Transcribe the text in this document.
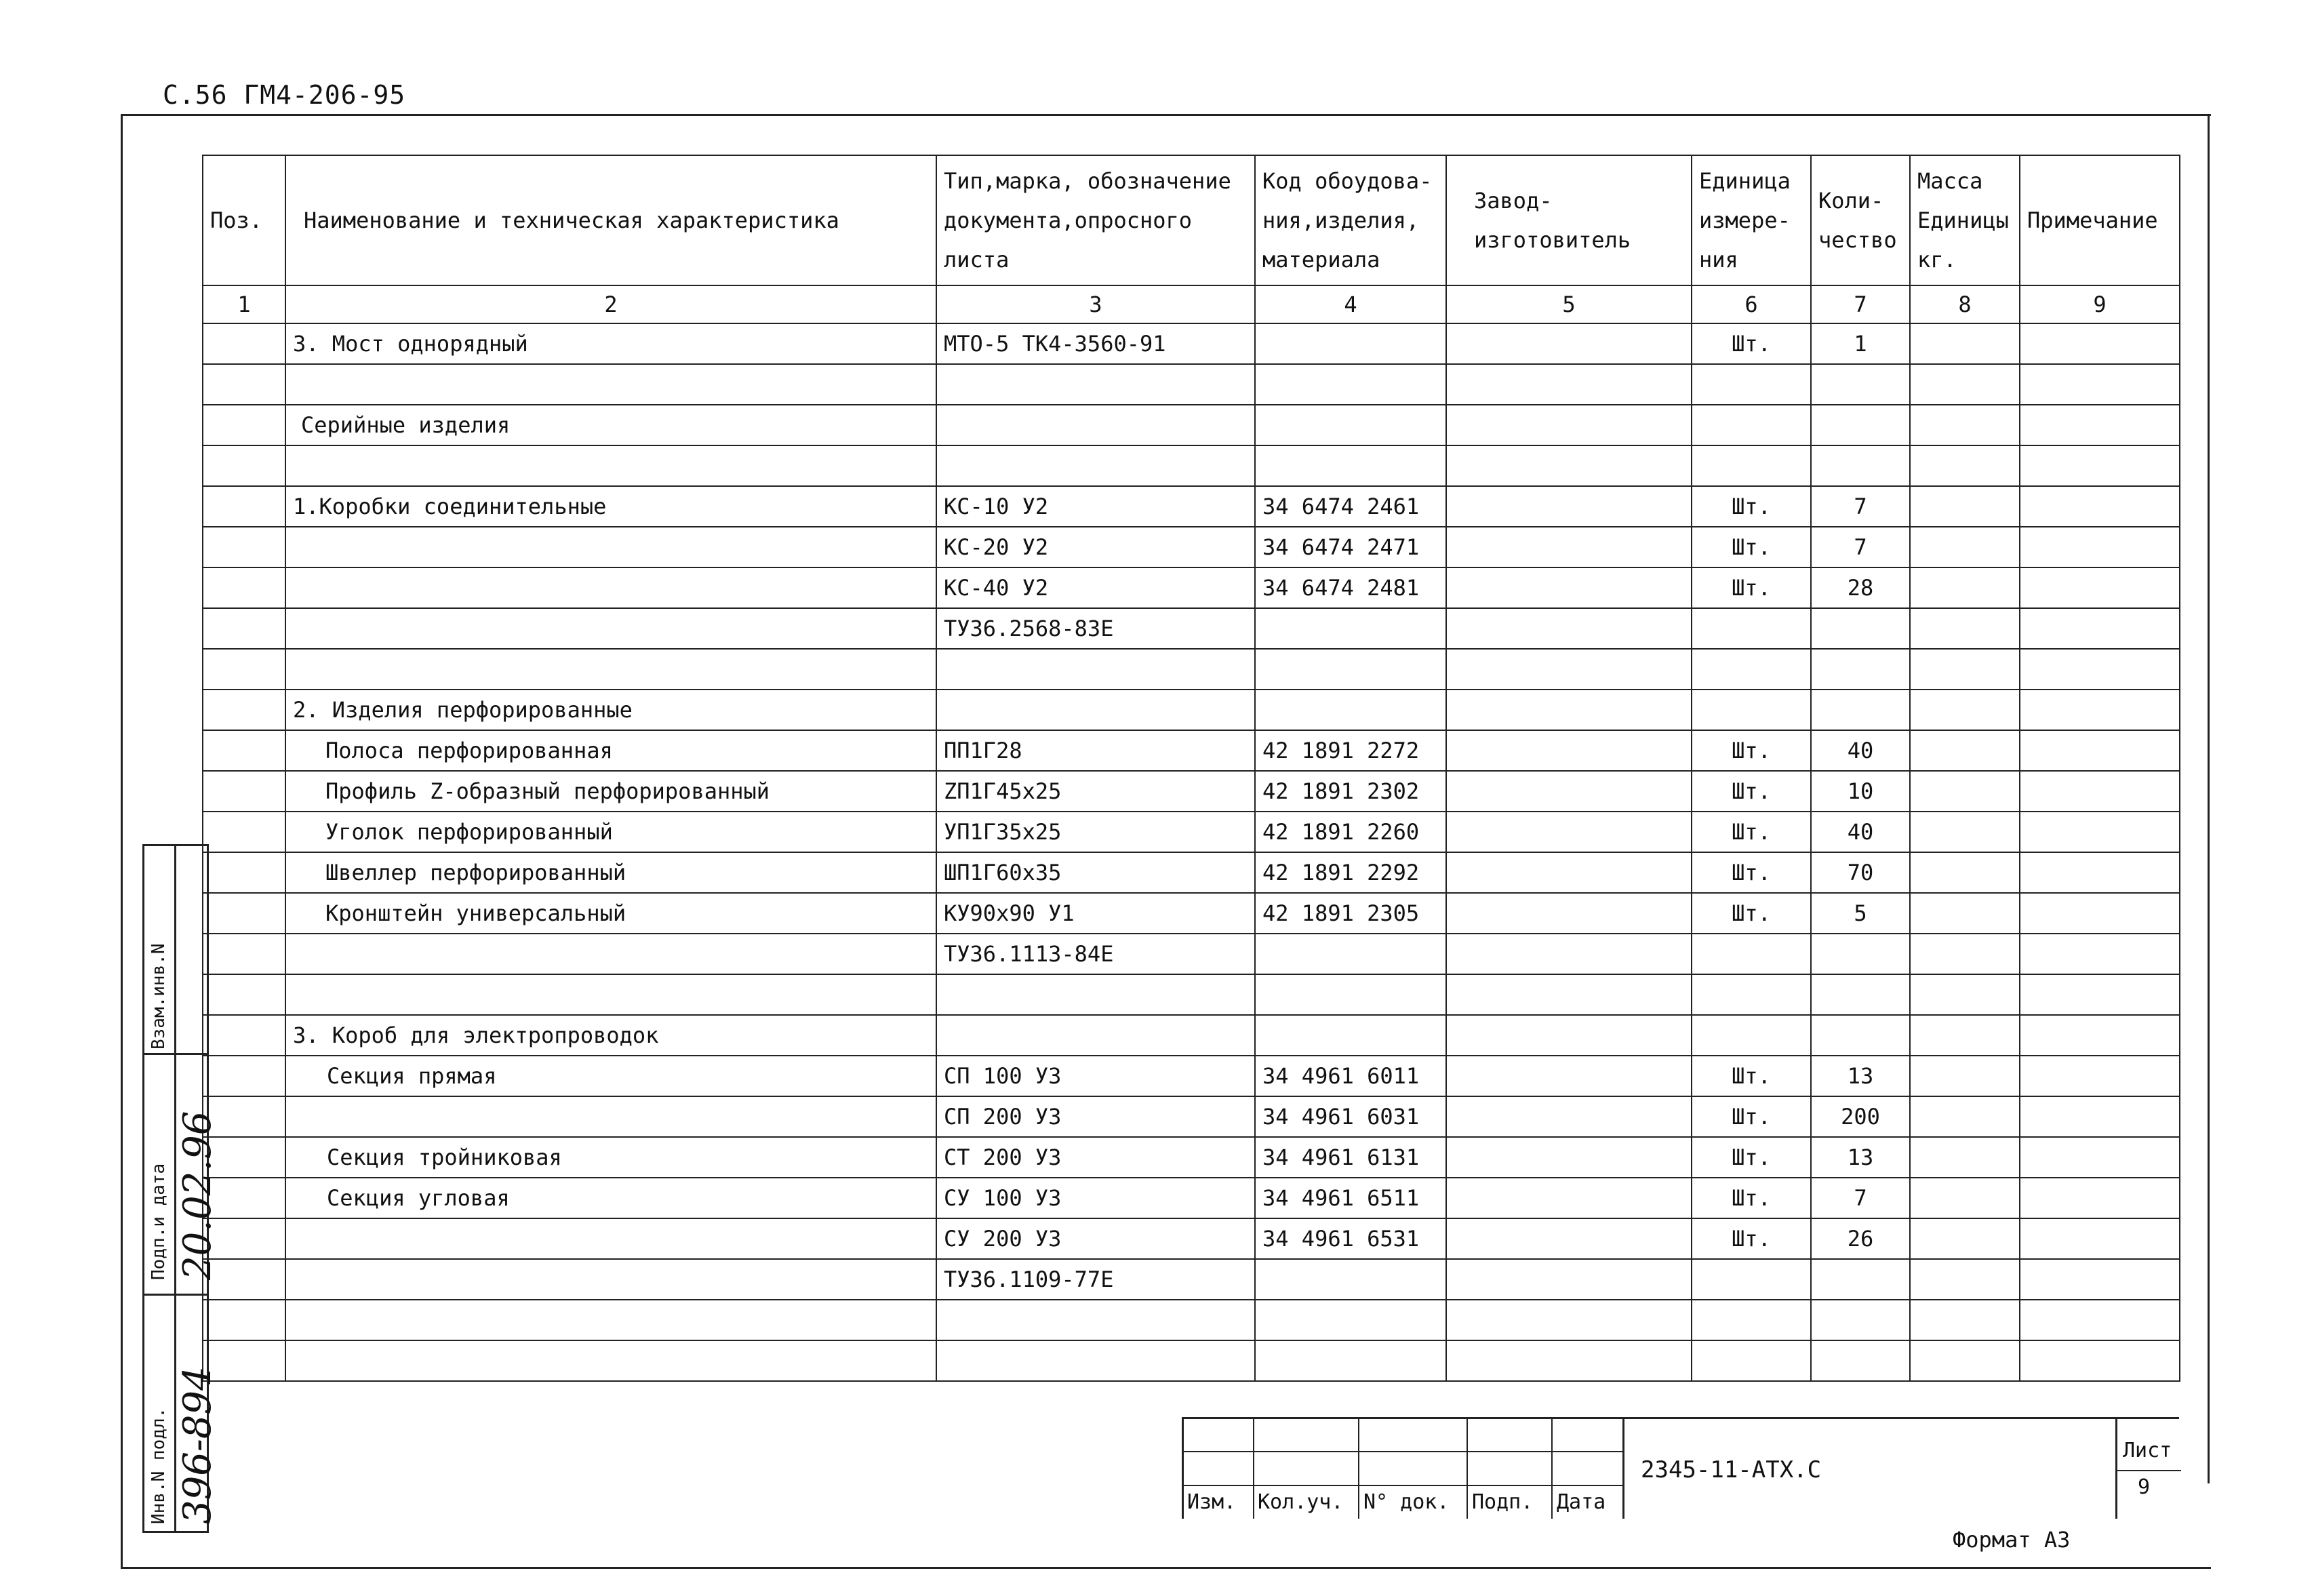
С.56 ГМ4-206-95
Поз.	Наименование и техническая характеристика	Тип,марка, обозначение документа,опросного листа	Код обоудова- ния,изделия, материала	Завод- изготовитель	Единица измере- ния	Коли- чество	Масса Единицы кг.	Примечание
1	2	3	4	5	6	7	8	9
	3. Мост однорядный	МТО-5 ТК4-3560-91			Шт.	1		

	Серийные изделия							

	1.Коробки соединительные	КС-10 У2	34 6474 2461		Шт.	7		
		КС-20 У2	34 6474 2471		Шт.	7		
		КС-40 У2	34 6474 2481		Шт.	28		
		ТУ36.2568-83Е						

	2. Изделия перфорированные							
	Полоса перфорированная	ПП1Г28	42 1891 2272		Шт.	40		
	Профиль Z-образный перфорированный	ZП1Г45х25	42 1891 2302		Шт.	10		
	Уголок перфорированный	УП1Г35х25	42 1891 2260		Шт.	40		
	Швеллер перфорированный	ШП1Г60х35	42 1891 2292		Шт.	70		
	Кронштейн универсальный	КУ90х90 У1	42 1891 2305		Шт.	5		
		ТУ36.1113-84Е						

	3. Короб для электропроводок							
	Секция прямая	СП 100 У3	34 4961 6011		Шт.	13		
		СП 200 У3	34 4961 6031		Шт.	200		
	Секция тройниковая	СТ 200 У3	34 4961 6131		Шт.	13		
	Секция угловая	СУ 100 У3	34 4961 6511		Шт.	7		
		СУ 200 У3	34 4961 6531		Шт.	26		
		ТУ36.1109-77Е						

Взам.инв.N
Подп.и дата 20.02.96
Инв.N подл. 396-894	Изм. Кол.уч. N° док. Подп. Дата
2345-11-АТХ.С
Лист
9
Формат А3
